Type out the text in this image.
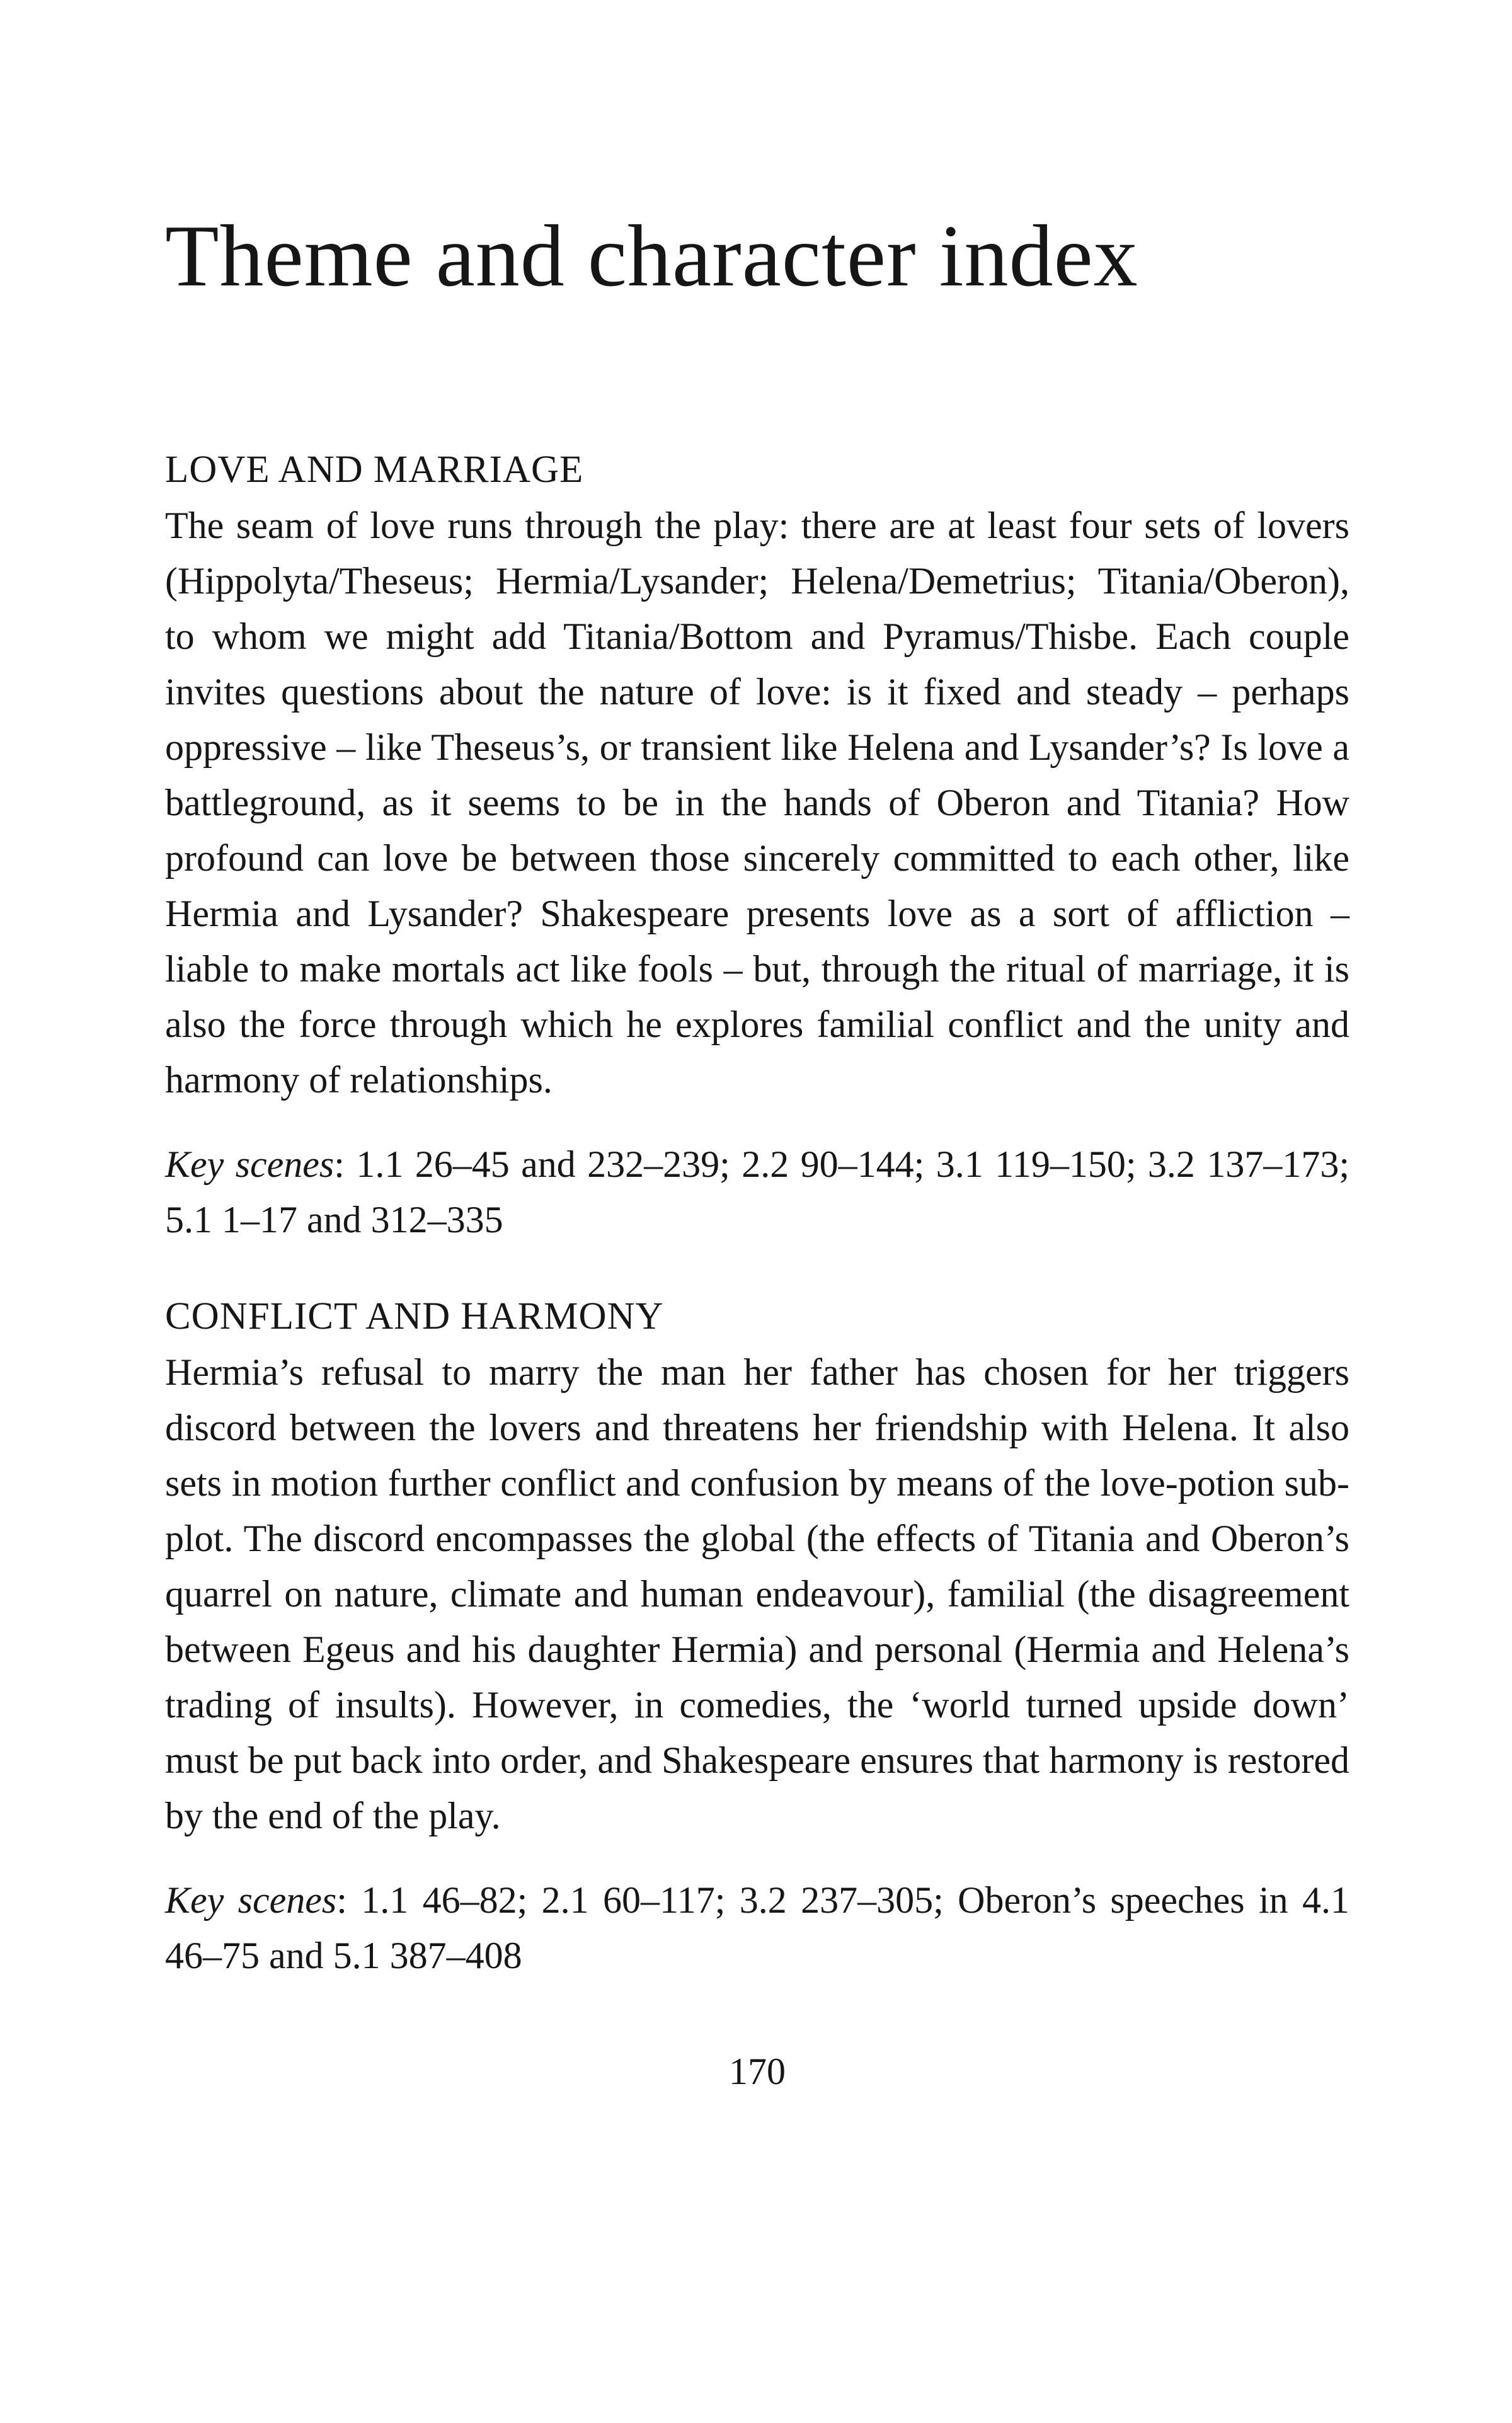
Theme and character index
LOVE AND MARRIAGE

The seam of love runs through the play: there are at least four sets of lovers (Hippolyta/Theseus; Hermia/Lysander; Helena/Demetrius; Titania/Oberon), to whom we might add Titania/Bottom and Pyramus/Thisbe. Each couple invites questions about the nature of love: is it fixed and steady – perhaps oppressive – like Theseus’s, or transient like Helena and Lysander’s? Is love a battleground, as it seems to be in the hands of Oberon and Titania? How profound can love be between those sincerely committed to each other, like Hermia and Lysander? Shakespeare presents love as a sort of affliction – liable to make mortals act like fools – but, through the ritual of marriage, it is also the force through which he explores familial conflict and the unity and harmony of relationships.

Key scenes: 1.1 26–45 and 232–239; 2.2 90–144; 3.1 119–150; 3.2 137–173; 5.1 1–17 and 312–335

CONFLICT AND HARMONY

Hermia’s refusal to marry the man her father has chosen for her triggers discord between the lovers and threatens her friendship with Helena. It also sets in motion further conflict and confusion by means of the love-potion sub-plot. The discord encompasses the global (the effects of Titania and Oberon’s quarrel on nature, climate and human endeavour), familial (the disagreement between Egeus and his daughter Hermia) and personal (Hermia and Helena’s trading of insults). However, in comedies, the ‘world turned upside down’ must be put back into order, and Shakespeare ensures that harmony is restored by the end of the play.

Key scenes: 1.1 46–82; 2.1 60–117; 3.2 237–305; Oberon’s speeches in 4.1 46–75 and 5.1 387–408

170
